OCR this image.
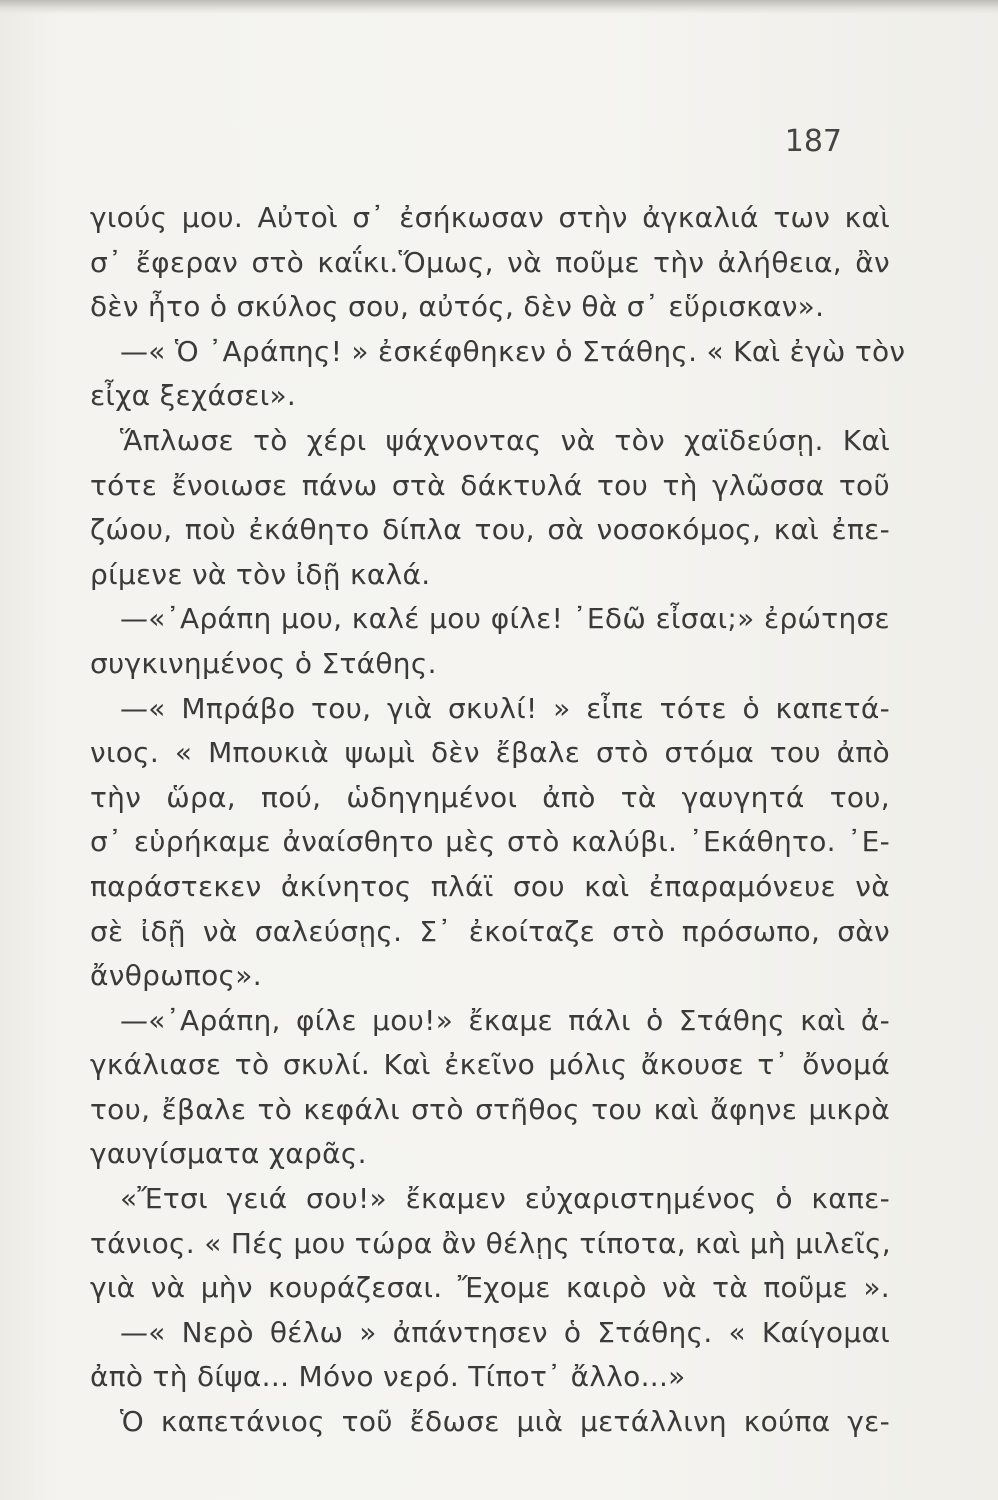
187
γιούς μου. Αὐτοὶ σ᾽ ἐσήκωσαν στὴν ἀγκαλιά των καὶ
σ᾽ ἔφεραν στὸ καΐκι.Ὅμως, νὰ ποῦμε τὴν ἀλήθεια, ἂν
δὲν ἦτο ὁ σκύλος σου, αὐτός, δὲν θὰ σ᾽ εὕρισκαν».
—« Ὁ ᾽Αράπης! » ἐσκέφθηκεν ὁ Στάθης. « Καὶ ἐγὼ τὸν
εἶχα ξεχάσει».
Ἅπλωσε τὸ χέρι ψάχνοντας νὰ τὸν χαϊδεύσῃ. Καὶ
τότε ἔνοιωσε πάνω στὰ δάκτυλά του τὴ γλῶσσα τοῦ
ζώου, ποὺ ἐκάθητο δίπλα του, σὰ νοσοκόμος, καὶ ἐπε-
ρίμενε νὰ τὸν ἰδῇ καλά.
—«᾽Αράπη μου, καλέ μου φίλε! ᾽Εδῶ εἶσαι;» ἐρώτησε
συγκινημένος ὁ Στάθης.
—« Μπράβο του, γιὰ σκυλί! » εἶπε τότε ὁ καπετά-
νιος. « Μπουκιὰ ψωμὶ δὲν ἔβαλε στὸ στόμα του ἀπὸ
τὴν ὥρα, πού, ὡδηγημένοι ἀπὸ τὰ γαυγητά του,
σ᾽ εὑρήκαμε ἀναίσθητο μὲς στὸ καλύβι. ᾽Εκάθητο. ᾽Ε-
παράστεκεν ἀκίνητος πλάϊ σου καὶ ἐπαραμόνευε νὰ
σὲ ἰδῇ νὰ σαλεύσῃς. Σ᾽ ἐκοίταζε στὸ πρόσωπο, σὰν
ἄνθρωπος».
—«᾽Αράπη, φίλε μου!» ἔκαμε πάλι ὁ Στάθης καὶ ἀ-
γκάλιασε τὸ σκυλί. Καὶ ἐκεῖνο μόλις ἄκουσε τ᾽ ὄνομά
του, ἔβαλε τὸ κεφάλι στὸ στῆθος του καὶ ἄφηνε μικρὰ
γαυγίσματα χαρᾶς.
«Ἔτσι γειά σου!» ἔκαμεν εὐχαριστημένος ὁ καπε-
τάνιος. « Πές μου τώρα ἂν θέλῃς τίποτα, καὶ μὴ μιλεῖς,
γιὰ νὰ μὴν κουράζεσαι. Ἔχομε καιρὸ νὰ τὰ ποῦμε ».
—« Νερὸ θέλω » ἀπάντησεν ὁ Στάθης. « Καίγομαι
ἀπὸ τὴ δίψα... Μόνο νερό. Τίποτ᾽ ἄλλο...»
Ὁ καπετάνιος τοῦ ἔδωσε μιὰ μετάλλινη κούπα γε-
